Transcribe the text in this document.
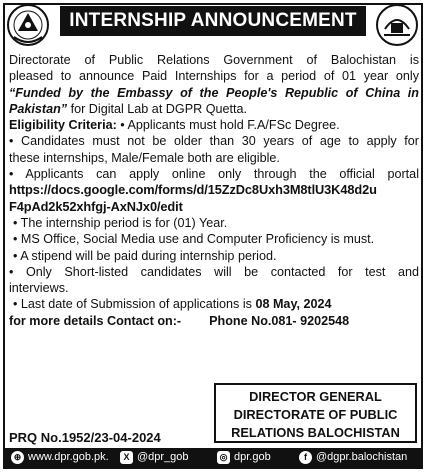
INTERNSHIP ANNOUNCEMENT

Directorate of Public Relations Government of Balochistan is

pleased to announce Paid Internships for a period of 01 year only

“Funded by the Embassy of the People's Republic of China in

Pakistan” for Digital Lab at DGPR Quetta.

Eligibility Criteria: • Applicants must hold F.A/FSc Degree.

• Candidates must not be older than 30 years of age to apply for

these internships, Male/Female both are eligible.

• Applicants can apply online only through the official portal

https://docs.google.com/forms/d/15ZzDc8Uxh3M8tlU3K48d2u

F4pAd2k52xhfgj-AxNJx0/edit

• The internship period is for (01) Year.

• MS Office, Social Media use and Computer Proficiency is must.

• A stipend will be paid during internship period.

• Only Short-listed candidates will be contacted for test and

interviews.

• Last date of Submission of applications is 08 May, 2024

for more details Contact on:- Phone No.081- 9202548

DIRECTOR GENERAL
DIRECTORATE OF PUBLIC
RELATIONS BALOCHISTAN
PRQ No.1952/23-04-2024
⊕ www.dpr.gob.pk.	X @dpr_gob	◎ dpr.gob	f @dgpr.balochistan
